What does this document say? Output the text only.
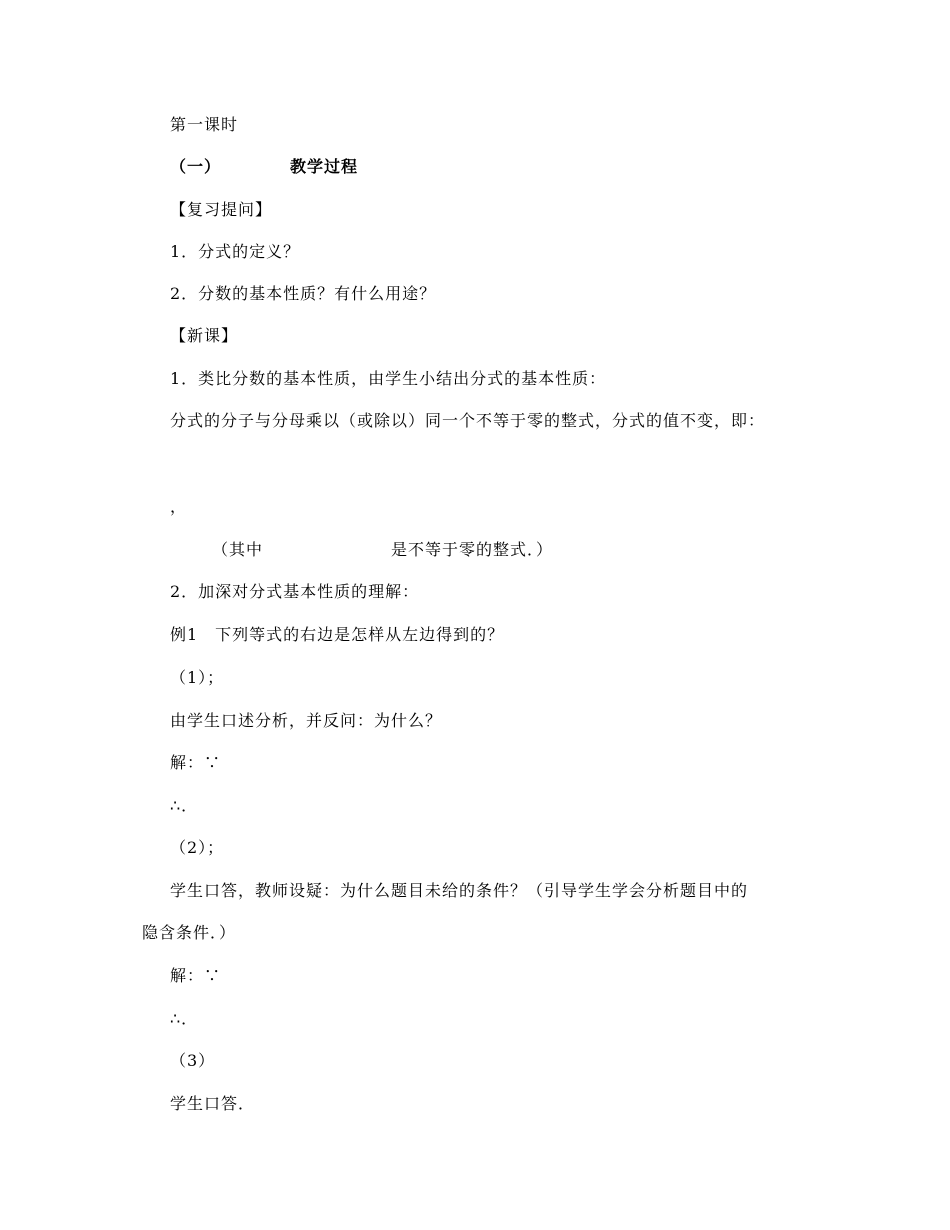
第一课时
（一）	教学过程
【复习提问】
1．分式的定义？
2．分数的基本性质？有什么用途？
【新课】
1．类比分数的基本性质，由学生小结出分式的基本性质：
分式的分子与分母乘以（或除以）同一个不等于零的整式，分式的值不变，即：
，
（其中	是不等于零的整式．）
2．加深对分式基本性质的理解：
例1　下列等式的右边是怎样从左边得到的？
（1）；
由学生口述分析，并反问：为什么？
解：∵
∴．
（2）；
学生口答，教师设疑：为什么题目未给的条件？（引导学生学会分析题目中的
隐含条件．）
解：∵
∴．
（3）
学生口答．
